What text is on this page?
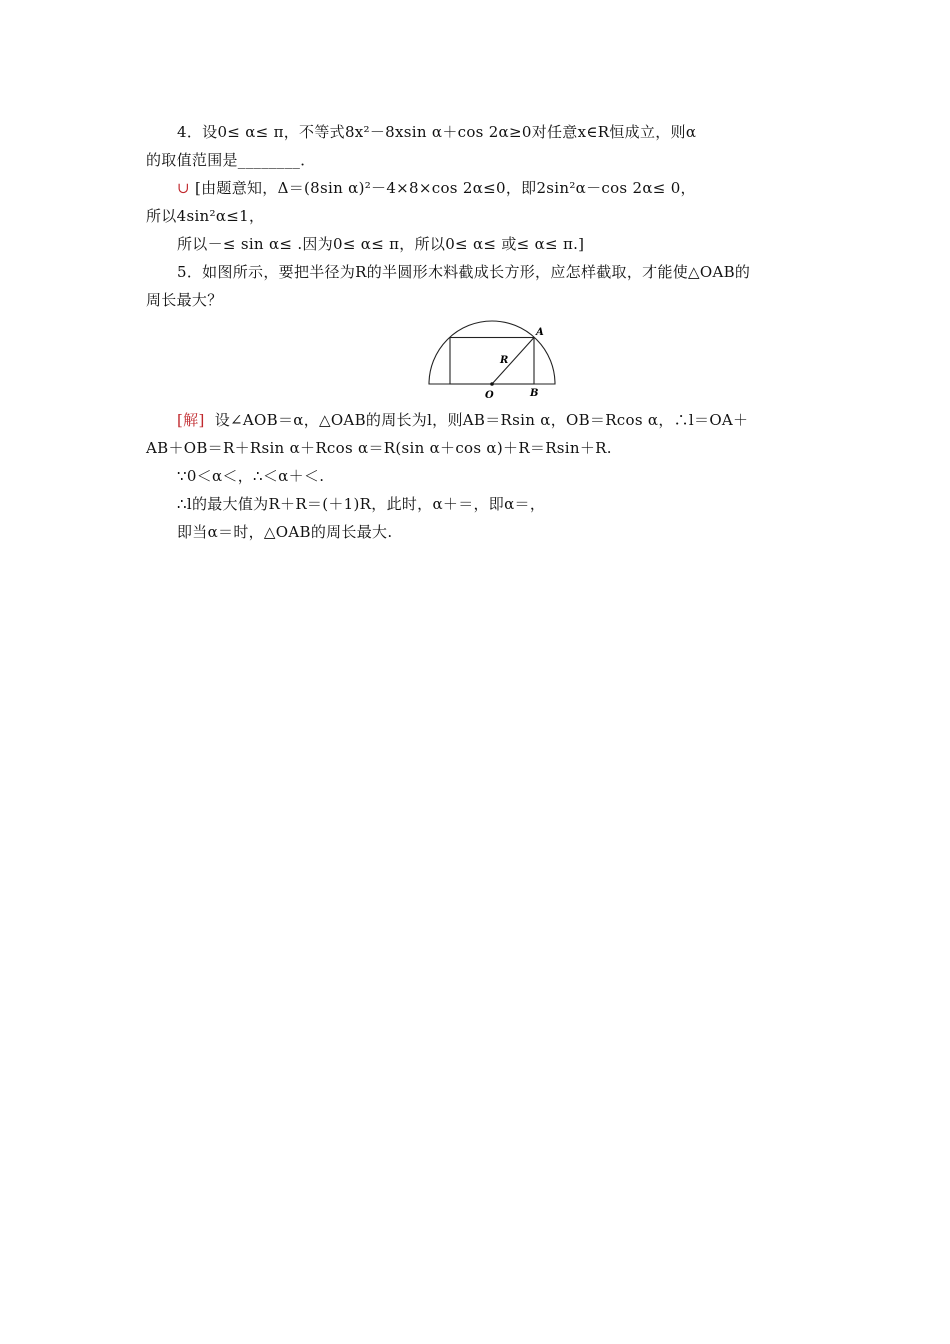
4．设0≤ α≤ π，不等式8x²－8xsin α＋cos 2α≥0对任意x∈R恒成立，则α
的取值范围是________．
∪ [由题意知，Δ＝(8sin α)²－4×8×cos 2α≤0，即2sin²α－cos 2α≤ 0，
所以4sin²α≤1，
所以－≤ sin α≤ .因为0≤ α≤ π，所以0≤ α≤ 或≤ α≤ π.]
5．如图所示，要把半径为R的半圆形木料截成长方形，应怎样截取，才能使△OAB的
周长最大？
A
R
O	B
[解] 设∠AOB＝α，△OAB的周长为l，则AB＝Rsin α，OB＝Rcos α，∴l＝OA＋
AB＋OB＝R＋Rsin α＋Rcos α＝R(sin α＋cos α)＋R＝Rsin＋R.
∵0＜α＜，∴＜α＋＜.
∴l的最大值为R＋R＝(＋1)R，此时，α＋＝，即α＝，
即当α＝时，△OAB的周长最大.
